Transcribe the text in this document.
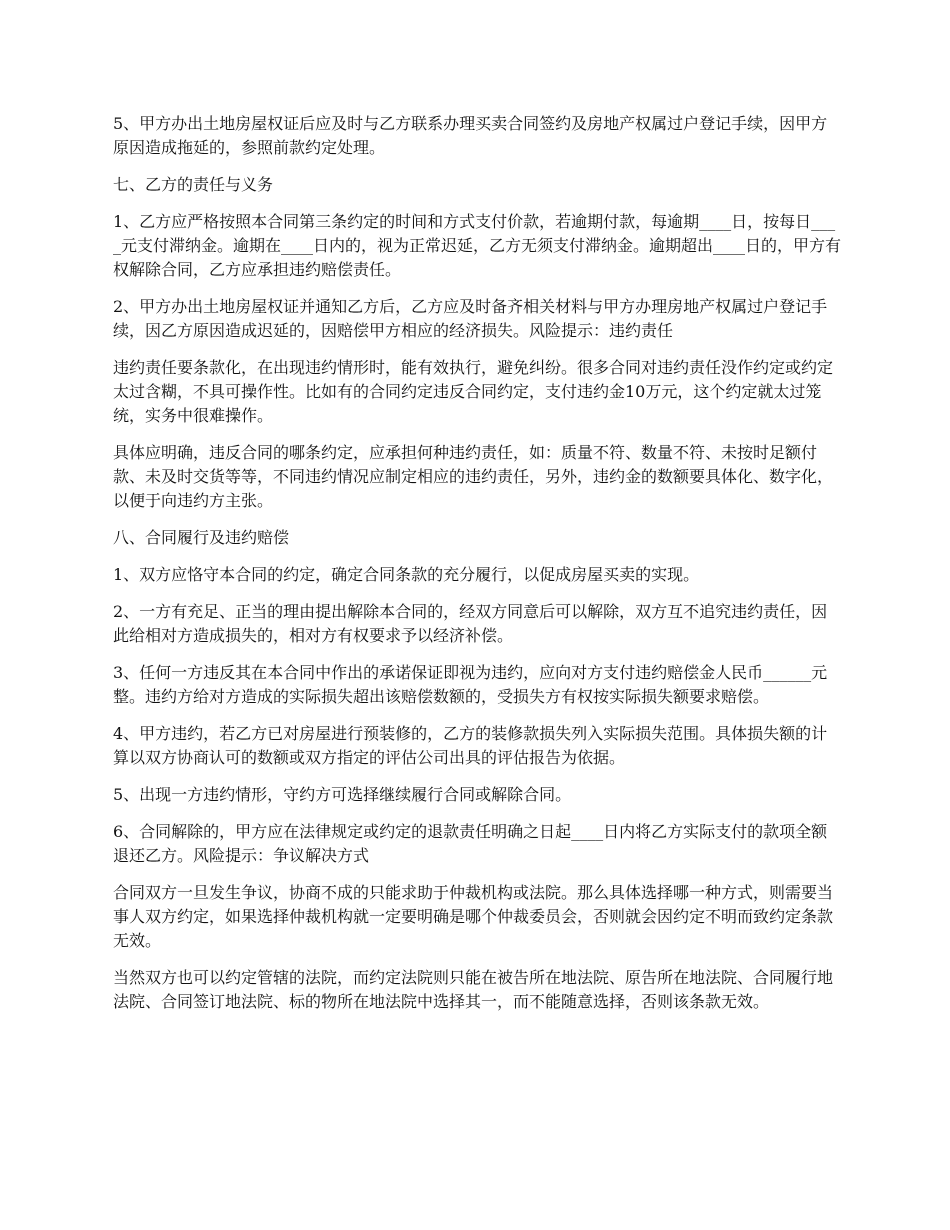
5、甲方办出土地房屋权证后应及时与乙方联系办理买卖合同签约及房地产权属过户登记手续，因甲方原因造成拖延的，参照前款约定处理。

七、乙方的责任与义务

1、乙方应严格按照本合同第三条约定的时间和方式支付价款，若逾期付款，每逾期____日，按每日____元支付滞纳金。逾期在____日内的，视为正常迟延，乙方无须支付滞纳金。逾期超出____日的，甲方有权解除合同，乙方应承担违约赔偿责任。

2、甲方办出土地房屋权证并通知乙方后，乙方应及时备齐相关材料与甲方办理房地产权属过户登记手续，因乙方原因造成迟延的，因赔偿甲方相应的经济损失。风险提示：违约责任

违约责任要条款化，在出现违约情形时，能有效执行，避免纠纷。很多合同对违约责任没作约定或约定太过含糊，不具可操作性。比如有的合同约定违反合同约定，支付违约金10万元，这个约定就太过笼统，实务中很难操作。

具体应明确，违反合同的哪条约定，应承担何种违约责任，如：质量不符、数量不符、未按时足额付款、未及时交货等等，不同违约情况应制定相应的违约责任，另外，违约金的数额要具体化、数字化，以便于向违约方主张。

八、合同履行及违约赔偿

1、双方应恪守本合同的约定，确定合同条款的充分履行，以促成房屋买卖的实现。

2、一方有充足、正当的理由提出解除本合同的，经双方同意后可以解除，双方互不追究违约责任，因此给相对方造成损失的，相对方有权要求予以经济补偿。

3、任何一方违反其在本合同中作出的承诺保证即视为违约，应向对方支付违约赔偿金人民币______元整。违约方给对方造成的实际损失超出该赔偿数额的，受损失方有权按实际损失额要求赔偿。

4、甲方违约，若乙方已对房屋进行预装修的，乙方的装修款损失列入实际损失范围。具体损失额的计算以双方协商认可的数额或双方指定的评估公司出具的评估报告为依据。

5、出现一方违约情形，守约方可选择继续履行合同或解除合同。

6、合同解除的，甲方应在法律规定或约定的退款责任明确之日起____日内将乙方实际支付的款项全额退还乙方。风险提示：争议解决方式

合同双方一旦发生争议，协商不成的只能求助于仲裁机构或法院。那么具体选择哪一种方式，则需要当事人双方约定，如果选择仲裁机构就一定要明确是哪个仲裁委员会，否则就会因约定不明而致约定条款无效。

当然双方也可以约定管辖的法院，而约定法院则只能在被告所在地法院、原告所在地法院、合同履行地法院、合同签订地法院、标的物所在地法院中选择其一，而不能随意选择，否则该条款无效。
